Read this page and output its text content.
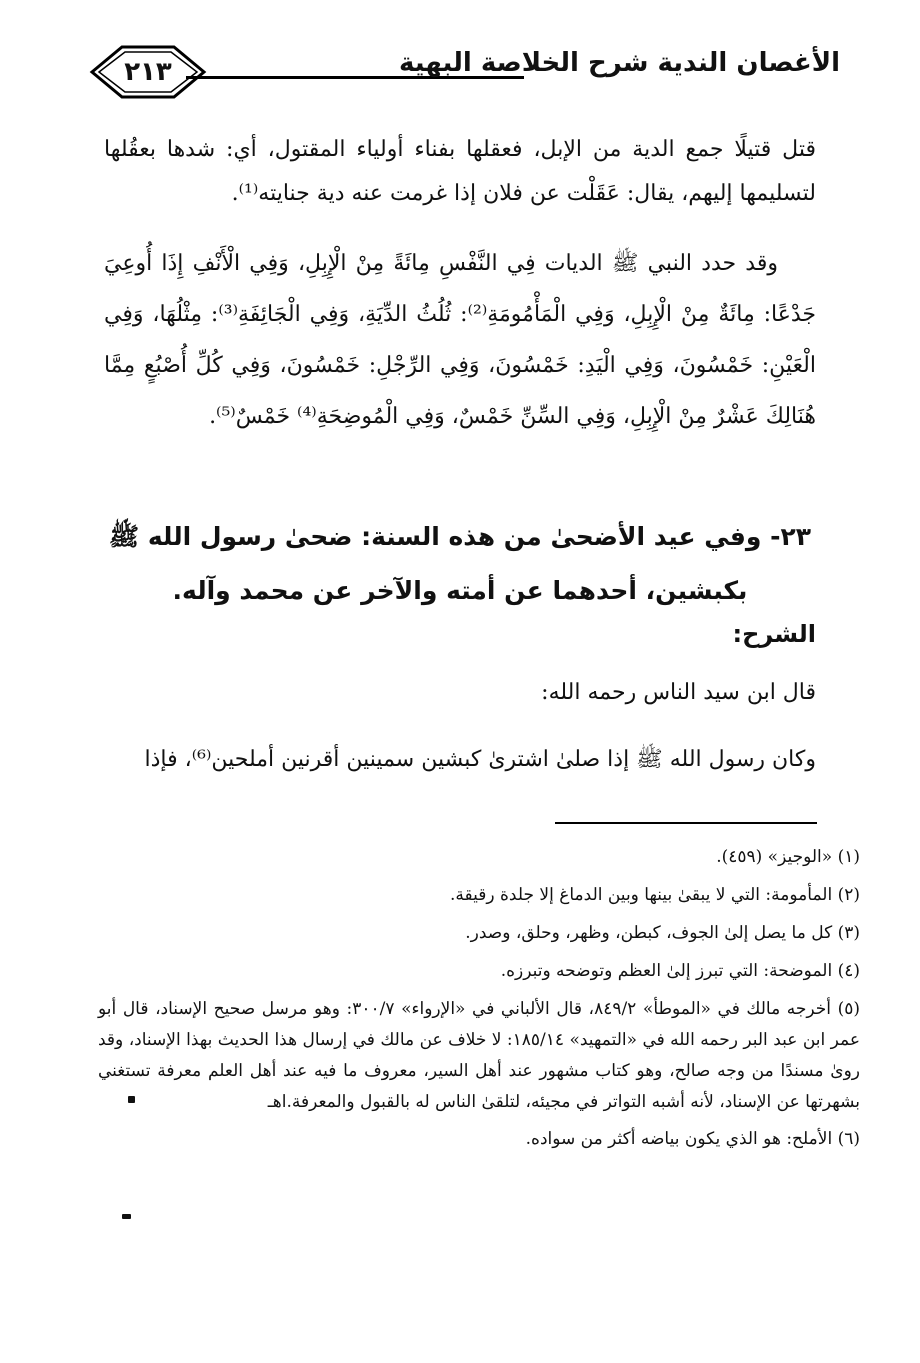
٢١٣	الأغصان الندية شرح الخلاصة البهية
قتل قتيلًا جمع الدية من الإبل، فعقلها بفناء أولياء المقتول، أي: شدها بعقُلها لتسليمها إليهم، يقال: عَقَلْت عن فلان إذا غرمت عنه دية جنايته⁽¹⁾.
وقد حدد النبي ﷺ الديات فِي النَّفْسِ مِائَةً مِنْ الْإِبِلِ، وَفِي الْأَنْفِ إِذَا أُوعِيَ جَدْعًا: مِائَةٌ مِنْ الْإِبِلِ، وَفِي الْمَأْمُومَةِ⁽²⁾: ثُلُثُ الدِّيَةِ، وَفِي الْجَائِفَةِ⁽³⁾: مِثْلُهَا، وَفِي الْعَيْنِ: خَمْسُونَ، وَفِي الْيَدِ: خَمْسُونَ، وَفِي الرِّجْلِ: خَمْسُونَ، وَفِي كُلِّ أُصْبُعٍ مِمَّا هُنَالِكَ عَشْرٌ مِنْ الْإِبِلِ، وَفِي السِّنِّ خَمْسٌ، وَفِي الْمُوضِحَةِ⁽⁴⁾ خَمْسٌ⁽⁵⁾.
٢٣- وفي عيد الأضحىٰ من هذه السنة: ضحىٰ رسول الله ﷺ بكبشين، أحدهما عن أمته والآخر عن محمد وآله.
الشرح:
قال ابن سيد الناس رحمه الله:
وكان رسول الله ﷺ إذا صلىٰ اشترىٰ كبشين سمينين أقرنين أملحين⁽⁶⁾، فإذا
(١) «الوجيز» (٤٥٩).
(٢) المأمومة: التي لا يبقىٰ بينها وبين الدماغ إلا جلدة رقيقة.
(٣) كل ما يصل إلىٰ الجوف، كبطن، وظهر، وحلق، وصدر.
(٤) الموضحة: التي تبرز إلىٰ العظم وتوضحه وتبرزه.
(٥) أخرجه مالك في «الموطأ» ٨٤٩/٢، قال الألباني في «الإرواء» ٣٠٠/٧: وهو مرسل صحيح الإسناد، قال أبو عمر ابن عبد البر رحمه الله في «التمهيد» ١٨٥/١٤: لا خلاف عن مالك في إرسال هذا الحديث بهذا الإسناد، وقد روىٰ مسندًا من وجه صالح، وهو كتاب مشهور عند أهل السير، معروف ما فيه عند أهل العلم معرفة تستغني بشهرتها عن الإسناد، لأنه أشبه التواتر في مجيئه، لتلقىٰ الناس له بالقبول والمعرفة.اهـ
(٦) الأملح: هو الذي يكون بياضه أكثر من سواده.
